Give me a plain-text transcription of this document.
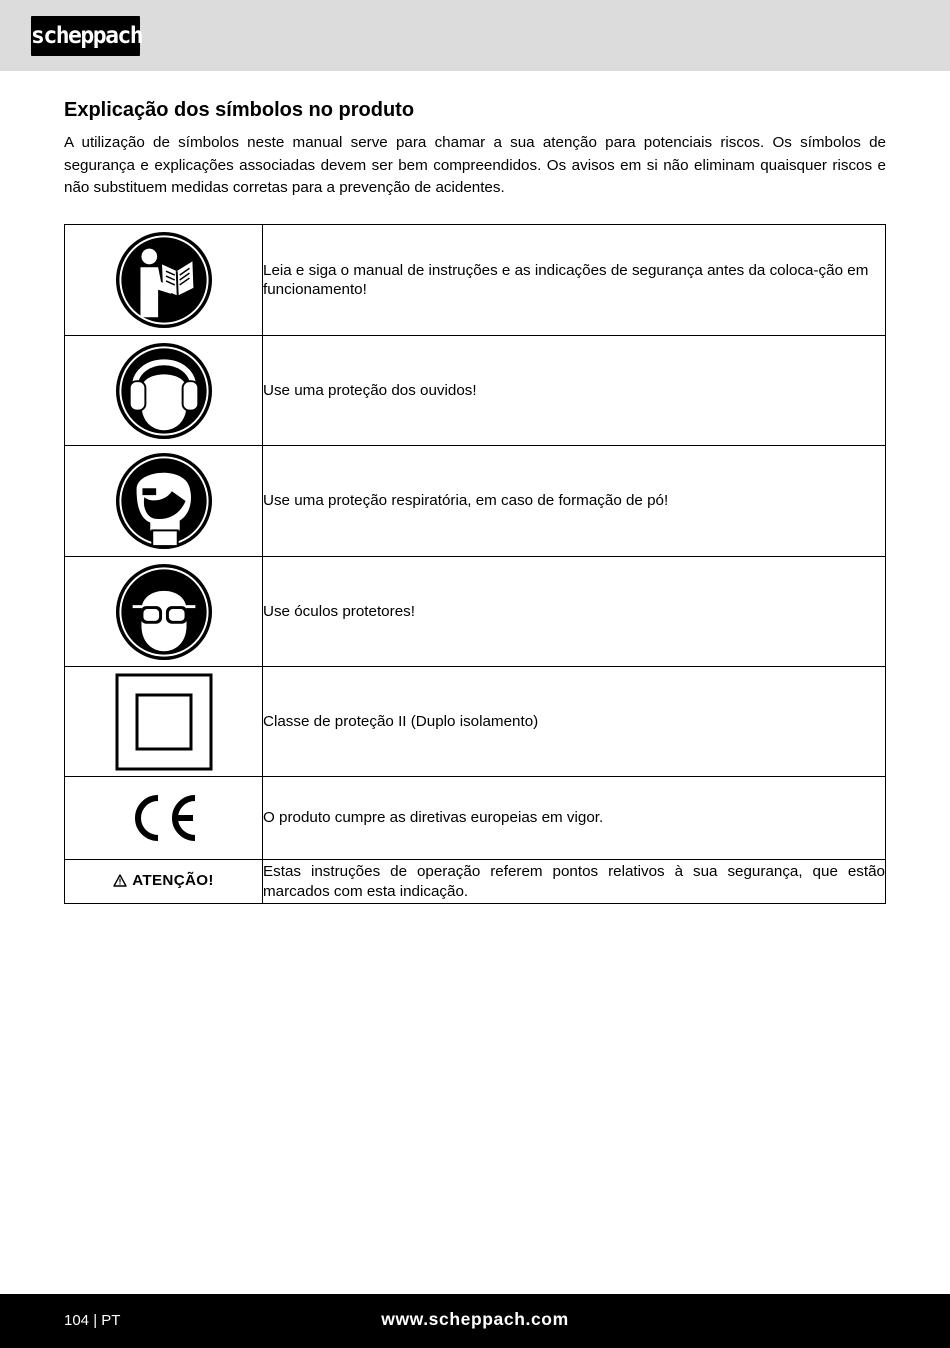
scheppach
Explicação dos símbolos no produto

A utilização de símbolos neste manual serve para chamar a sua atenção para potenciais riscos. Os símbolos de segurança e explicações associadas devem ser bem compreendidos. Os avisos em si não eliminam quaisquer riscos e não substituem medidas corretas para a prevenção de acidentes.

	Leia e siga o manual de instruções e as indicações de segurança antes da coloca-ção em funcionamento!

	Use uma proteção dos ouvidos!

	Use uma proteção respiratória, em caso de formação de pó!

	Use óculos protetores!

	Classe de proteção II (Duplo isolamento)

	O produto cumpre as diretivas europeias em vigor.

ATENÇÃO!	Estas instruções de operação referem pontos relativos à sua segurança, que estão marcados com esta indicação.
104 | PT	www.scheppach.com
